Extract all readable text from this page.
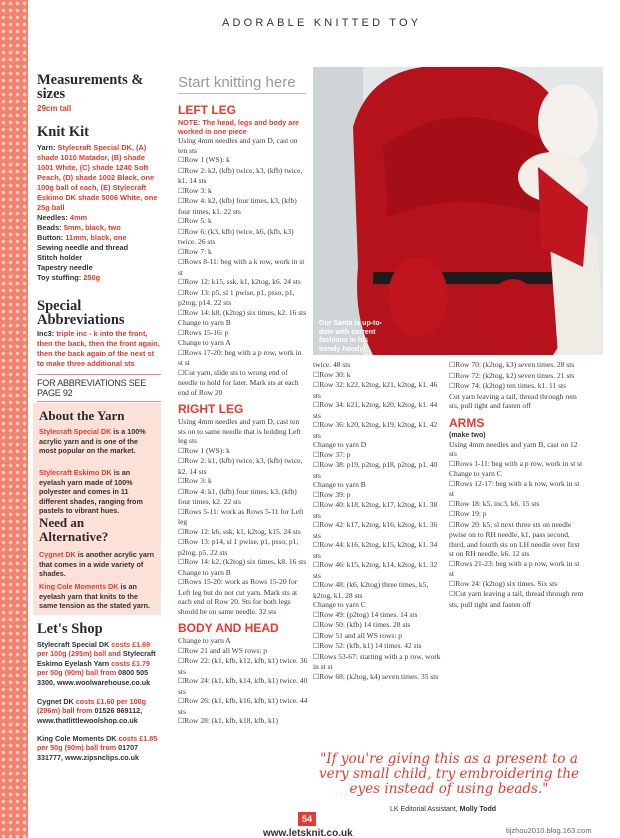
ADORABLE KNITTED TOY
Measurements & sizes
29cm tall
Knit Kit
Yarn: Stylecraft Special DK, (A) shade 1010 Matador, (B) shade 1001 White, (C) shade 1240 Soft Peach, (D) shade 1002 Black, one 100g ball of each, (E) Stylecraft Eskimo DK shade 5006 White, one 25g ball
Needles: 4mm
Beads: 5mm, black, two
Button: 11mm, black, one
Sewing needle and thread
Stitch holder
Tapestry needle
Toy stuffing: 250g
Special Abbreviations
Inc3: triple inc - k into the front, then the back, then the front again, then the back again of the next st to make three additional sts
FOR ABBREVIATIONS SEE PAGE 92
About the Yarn
Stylecraft Special DK is a 100% acrylic yarn and is one of the most popular on the market.
Stylecraft Eskimo DK is an eyelash yarn made of 100% polyester and comes in 11 different shades, ranging from pastels to vibrant hues.
Need an Alternative?
Cygnet DK is another acrylic yarn that comes in a wide variety of shades.
King Cole Moments DK is an eyelash yarn that knits to the same tension as the stated yarn.
Let's Shop
Stylecraft Special DK costs £1.69 per 100g (295m) ball and Stylecraft Eskimo Eyelash Yarn costs £1.79 per 50g (90m) ball from 0800 505 3300, www.woolwarehouse.co.uk
Cygnet DK costs £1.60 per 100g (296m) ball from 01526 869112, www.thatlittlewoolshop.co.uk
King Cole Moments DK costs £1.85 per 50g (90m) ball from 01707 331777, www.zipsnclips.co.uk
Start knitting here
LEFT LEG
NOTE: The head, legs and body are worked in one piece
Using 4mm needles and yarn D, cast on ten sts
☐ Row 1 (WS): k
☐ Row 2: k2, (kfb) twice, k3, (kfb) twice, k1. 14 sts
☐ Row 3: k
☐ Row 4: k2, (kfb) four times, k3, (kfb) four times, k1. 22 sts
☐ Row 5: k
☐ Row 6: (k3, kfb) twice, k6, (kfb, k3) twice. 26 sts
☐ Row 7: k
☐ Rows 8-11: beg with a k row, work in st st
☐ Row 12: k15, ssk, k1, k2tog, k6. 24 sts
☐ Row 13: p5, sl 1 pwise, p1, psso, p1, p2tog, p14. 22 sts
☐ Row 14: k8, (k2tog) six times, k2. 16 sts
Change to yarn B
☐ Rows 15-16: p
Change to yarn A
☐ Rows 17-20: beg with a p row, work in st st
☐ Cut yarn, slide sts to wrong end of needle to hold for later. Mark sts at each end of Row 20
RIGHT LEG
Using 4mm needles and yarn D, cast ten sts on to same needle that is holding Left leg sts
☐ Row 1 (WS): k
☐ Row 2: k1, (kfb) twice, k3, (kfb) twice, k2. 14 sts
☐ Row 3: k
☐ Row 4: k1, (kfb) four times, k3, (kfb) four times, k2. 22 sts
☐ Rows 5-11: work as Rows 5-11 for Left leg
☐ Row 12: k6, ssk, k1, k2tog, k15. 24 sts
☐ Row 13: p14, sl 1 pwise, p1, psso, p1, p2tog, p5. 22 sts
☐ Row 14: k2, (k2tog) six times, k8. 16 sts
Change to yarn B
☐ Rows 15-20: work as Rows 15-20 for Left leg but do not cut yarn. Mark sts at each end of Row 20. Sts for both legs should be on same needle. 32 sts
BODY AND HEAD
Change to yarn A
☐ Row 21 and all WS rows: p
☐ Row 22: (k1, kfb, k12, kfb, k1) twice. 36 sts
☐ Row 24: (k1, kfb, k14, kfb, k1) twice. 40 sts
☐ Row 26: (k1, kfb, k16, kfb, k1) twice. 44 sts
☐ Row 28: (k1, kfb, k18, kfb, k1)
twice. 48 sts
☐ Row 30: k
☐ Row 32: k22, k2tog, k21, k2tog, k1. 46 sts
☐ Row 34: k21, k2tog, k20, k2tog, k1. 44 sts
☐ Row 36: k20, k2tog, k19, k2tog, k1. 42 sts
Change to yarn D
☐ Row 37: p
☐ Row 38: p19, p2tog, p18, p2tog, p1. 40 sts
Change to yarn B
☐ Row 39: p
☐ Row 40: k18, k2tog, k17, k2tog, k1. 38 sts
☐ Row 42: k17, k2tog, k16, k2tog, k1. 36 sts
☐ Row 44: k16, k2tog, k15, k2tog, k1. 34 sts
☐ Row 46: k15, k2tog, k14, k2tog, k1. 32 sts
☐ Row 48: (k6, k2tog) three times, k5, k2tog, k1. 28 sts
Change to yarn C
☐ Row 49: (p2tog) 14 times. 14 sts
☐ Row 50: (kfb) 14 times. 28 sts
☐ Row 51 and all WS rows: p
☐ Row 52: (kfb, k1) 14 times. 42 sts
☐ Rows 53-67: starting with a p row, work in st st
☐ Row 68: (k2tog, k4) seven times. 35 sts
☐ Row 70: (k2tog, k3) seven times. 28 sts
☐ Row 72: (k2tog, k2) seven times. 21 sts
☐ Row 74: (k2tog) ten times, k1. 11 sts
Cut yarn leaving a tail, thread through rem sts, pull tight and fasten off
ARMS
(make two)
Using 4mm needles and yarn B, cast on 12 sts
☐ Rows 1-11: beg with a p row, work in st st
Change to yarn C
☐ Rows 12-17: beg with a k row, work in st st
☐ Row 18: k5, inc3, k6. 15 sts
☐ Row 19: p
☐ Row 20: k5, sl next three sts on needle pwise on to RH needle, k1, pass second, third, and fourth sts on LH needle over first st on RH needle, k6. 12 sts
☐ Rows 21-23: beg with a p row, work in st st
☐ Row 24: (k2tog) six times. Six sts
☐ Cut yarn leaving a tail, thread through rem sts, pull tight and fasten off
Our Santa is up-to-date with current fashions in his trendy hoody!
"If you're giving this as a present to a very small child, try embroidering the eyes instead of using beads."
LK Editorial Assistant, Molly Todd
54
www.letsknit.co.uk	tijzhou2010.blog.163.com
